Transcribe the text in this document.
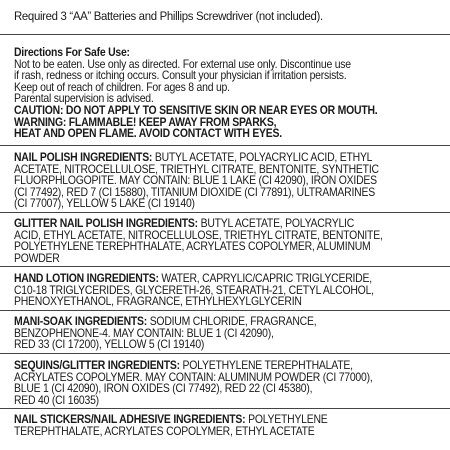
Required 3 “AA” Batteries and Phillips Screwdriver (not included).

Directions For Safe Use:
Not to be eaten. Use only as directed. For external use only. Discontinue use
if rash, redness or itching occurs. Consult your physician if irritation persists.
Keep out of reach of children. For ages 8 and up.
Parental supervision is advised.
CAUTION: DO NOT APPLY TO SENSITIVE SKIN OR NEAR EYES OR MOUTH.
WARNING: FLAMMABLE! KEEP AWAY FROM SPARKS,
HEAT AND OPEN FLAME. AVOID CONTACT WITH EYES.
NAIL POLISH INGREDIENTS: BUTYL ACETATE, POLYACRYLIC ACID, ETHYL
ACETATE, NITROCELLULOSE, TRIETHYL CITRATE, BENTONITE, SYNTHETIC
FLUORPHLOGOPITE. MAY CONTAIN: BLUE 1 LAKE (CI 42090), IRON OXIDES
(CI 77492), RED 7 (CI 15880), TITANIUM DIOXIDE (CI 77891), ULTRAMARINES
(CI 77007), YELLOW 5 LAKE (CI 19140)
GLITTER NAIL POLISH INGREDIENTS: BUTYL ACETATE, POLYACRYLIC
ACID, ETHYL ACETATE, NITROCELLULOSE, TRIETHYL CITRATE, BENTONITE,
POLYETHYLENE TEREPHTHALATE, ACRYLATES COPOLYMER, ALUMINUM
POWDER
HAND LOTION INGREDIENTS: WATER, CAPRYLIC/CAPRIC TRIGLYCERIDE,
C10-18 TRIGLYCERIDES, GLYCERETH-26, STEARATH-21, CETYL ALCOHOL,
PHENOXYETHANOL, FRAGRANCE, ETHYLHEXYLGLYCERIN
MANI-SOAK INGREDIENTS: SODIUM CHLORIDE, FRAGRANCE,
BENZOPHENONE-4. MAY CONTAIN: BLUE 1 (CI 42090),
RED 33 (CI 17200), YELLOW 5 (CI 19140)
SEQUINS/GLITTER INGREDIENTS: POLYETHYLENE TEREPHTHALATE,
ACRYLATES COPOLYMER. MAY CONTAIN: ALUMINUM POWDER (CI 77000),
BLUE 1 (CI 42090), IRON OXIDES (CI 77492), RED 22 (CI 45380),
RED 40 (CI 16035)
NAIL STICKERS/NAIL ADHESIVE INGREDIENTS: POLYETHYLENE
TEREPHTHALATE, ACRYLATES COPOLYMER, ETHYL ACETATE
